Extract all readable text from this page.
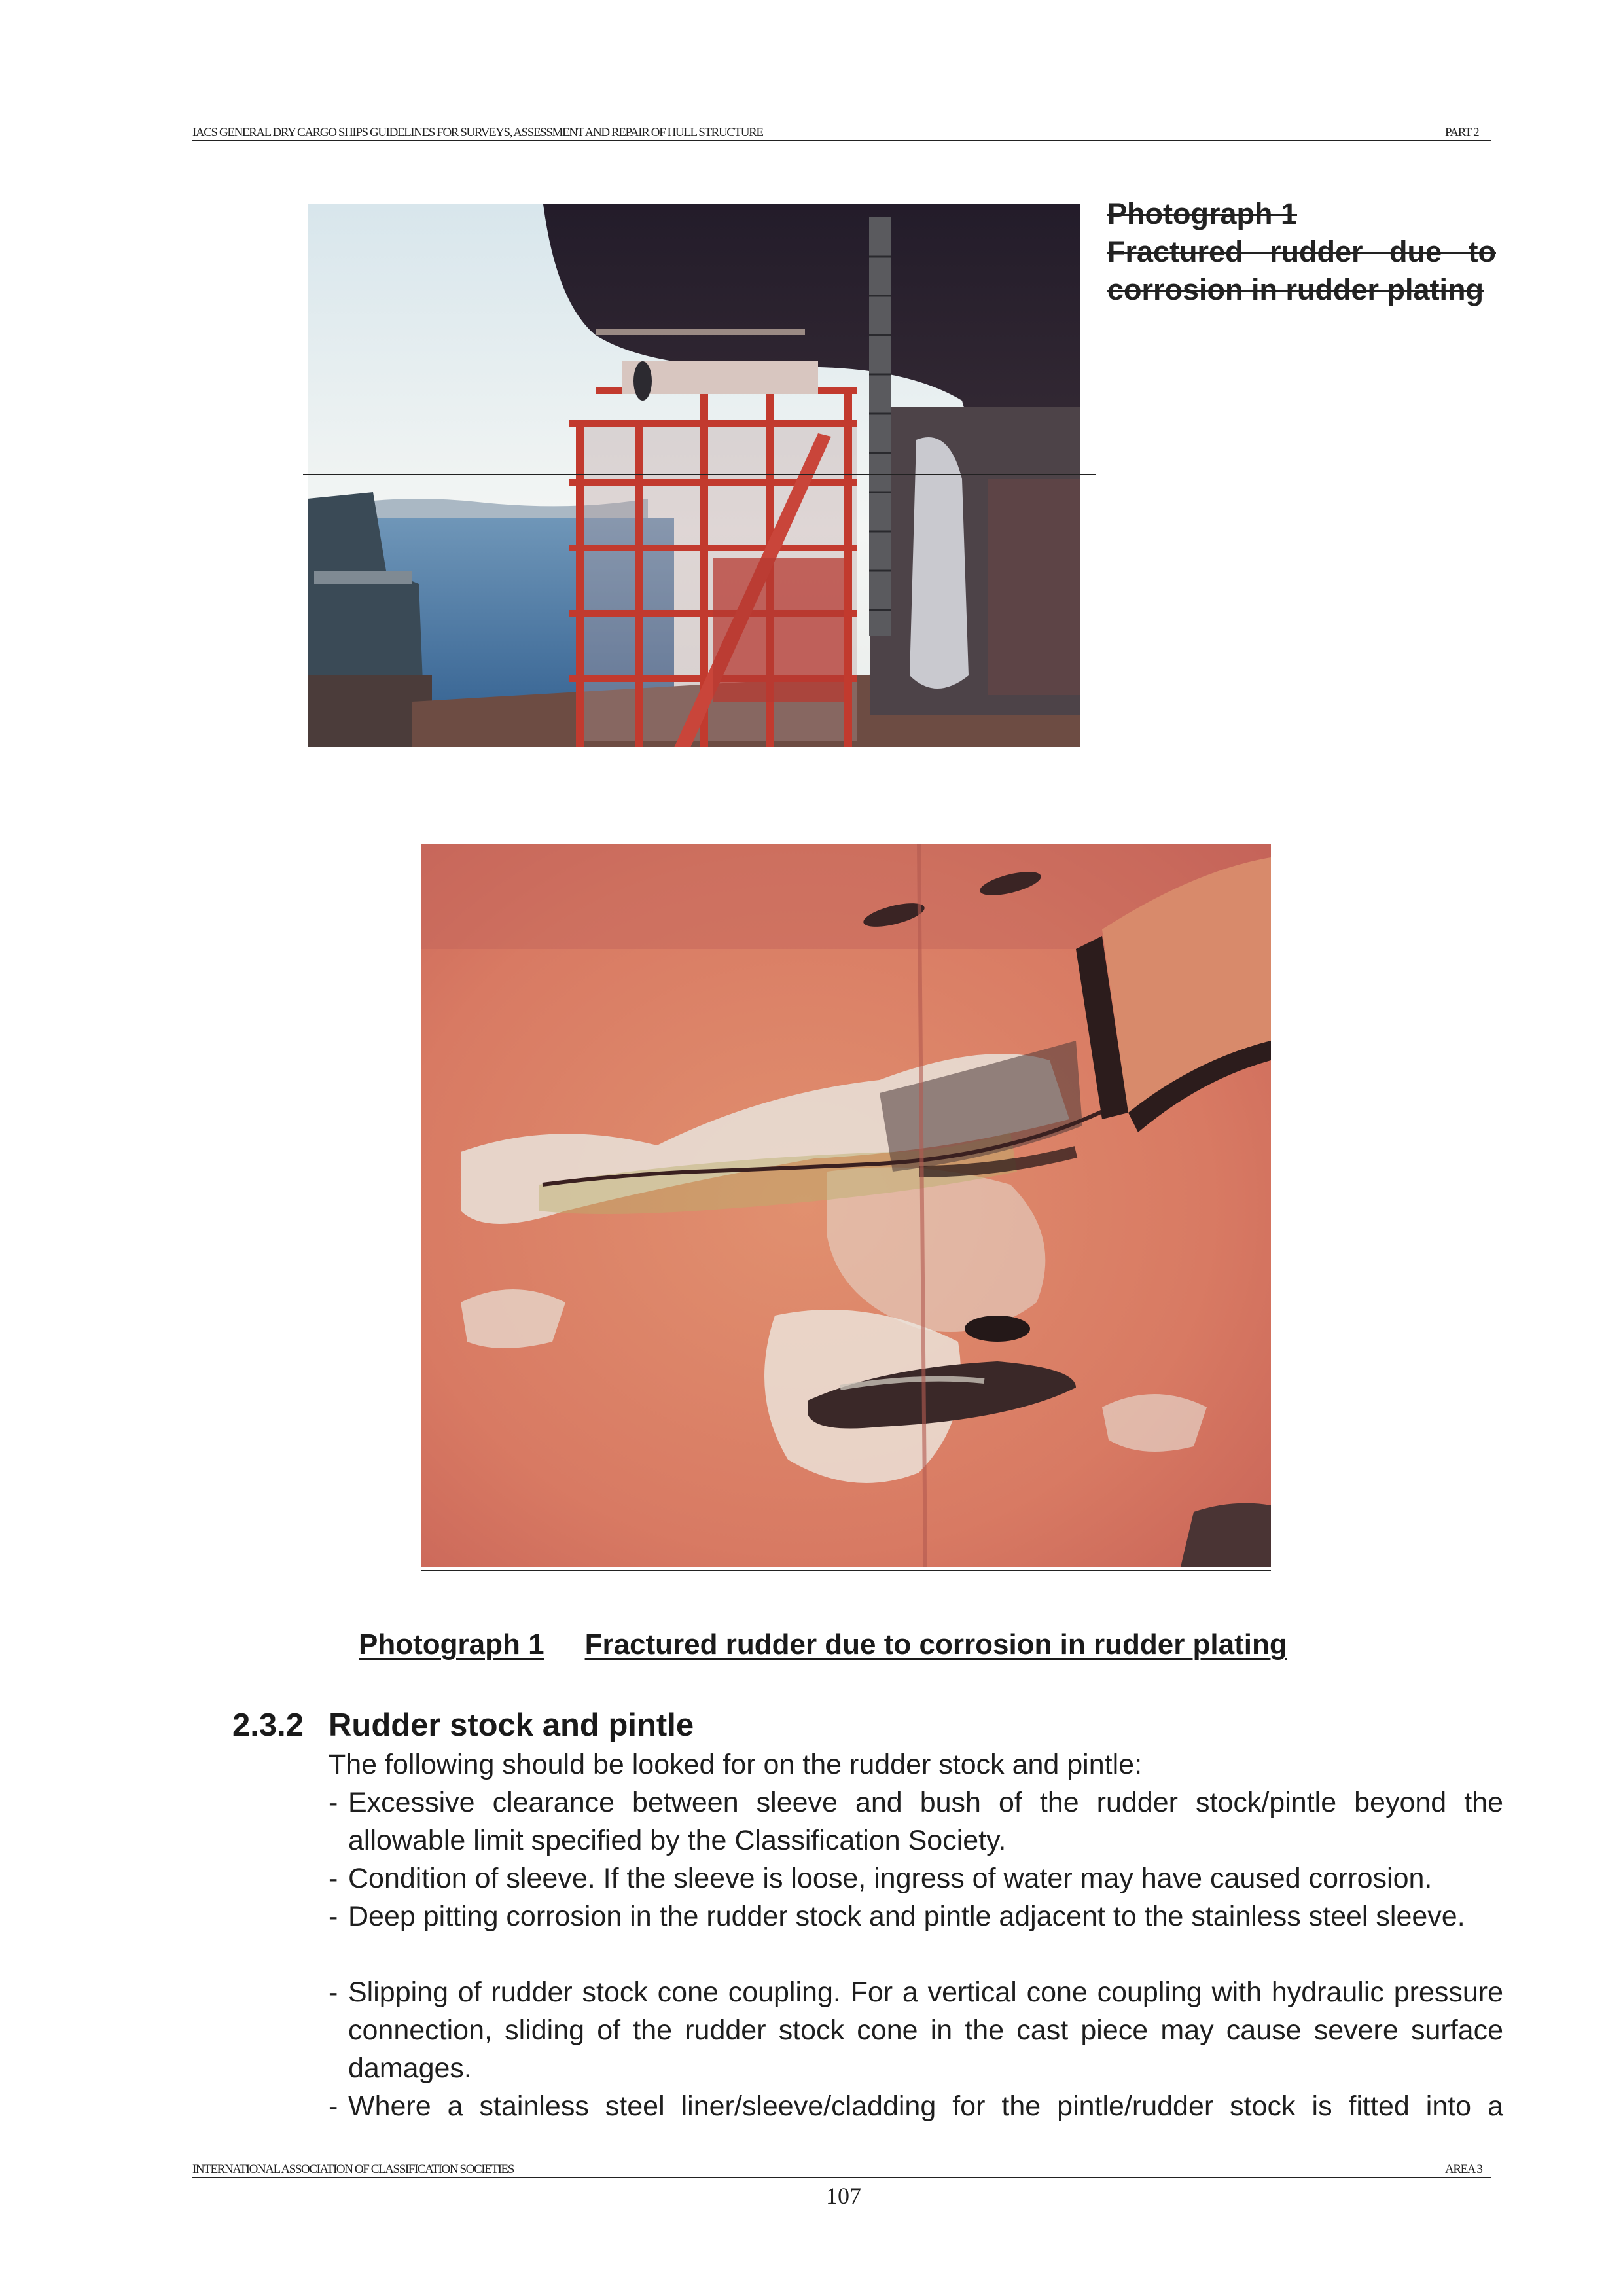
IACS GENERAL DRY CARGO SHIPS GUIDELINES FOR SURVEYS, ASSESSMENT AND REPAIR OF HULL STRUCTURE	PART 2
Photograph 1
Fractured rudder due to
corrosion in rudder plating
Photograph 1 Fractured rudder due to corrosion in rudder plating
2.3.2 Rudder stock and pintle
The following should be looked for on the rudder stock and pintle:
- Excessive clearance between sleeve and bush of the rudder stock/pintle beyond the allowable limit specified by the Classification Society.
- Condition of sleeve. If the sleeve is loose, ingress of water may have caused corrosion.
- Deep pitting corrosion in the rudder stock and pintle adjacent to the stainless steel sleeve.
- Slipping of rudder stock cone coupling. For a vertical cone coupling with hydraulic pressure connection, sliding of the rudder stock cone in the cast piece may cause severe surface damages.
- Where a stainless steel liner/sleeve/cladding for the pintle/rudder stock is fitted into a
INTERNATIONAL ASSOCIATION OF CLASSIFICATION SOCIETIES	AREA 3
107
